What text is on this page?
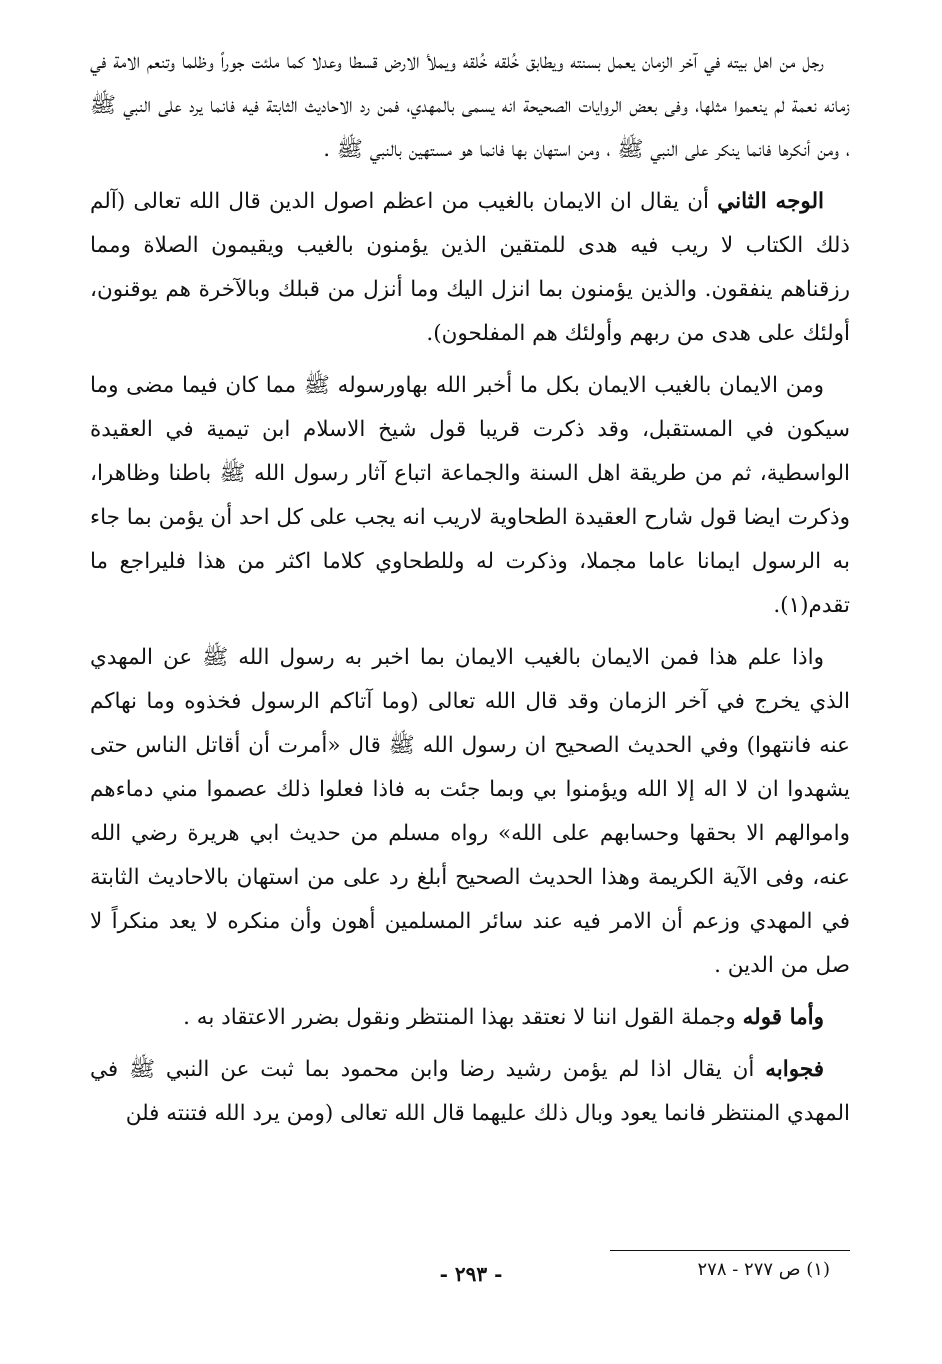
رجل من اهل بيته في آخر الزمان يعمل بسنته ويطابق خُلقه خُلقه ويملأ الارض قسطا وعدلا كما ملئت جوراً وظلما وتنعم الامة في زمانه نعمة لم ينعموا مثلها، وفى بعض الروايات الصحيحة انه يسمى بالمهدي، فمن رد الاحاديث الثابتة فيه فانما يرد على النبي ﷺ ، ومن أنكرها فانما ينكر على النبي ﷺ ، ومن استهان بها فانما هو مستهين بالنبي ﷺ .

الوجه الثاني أن يقال ان الايمان بالغيب من اعظم اصول الدين قال الله تعالى (آلم ذلك الكتاب لا ريب فيه هدى للمتقين الذين يؤمنون بالغيب ويقيمون الصلاة ومما رزقناهم ينفقون. والذين يؤمنون بما انزل اليك وما أنزل من قبلك وبالآخرة هم يوقنون، أولئك على هدى من ربهم وأولئك هم المفلحون).

ومن الايمان بالغيب الايمان بكل ما أخبر الله بهاورسوله ﷺ مما كان فيما مضى وما سيكون في المستقبل، وقد ذكرت قريبا قول شيخ الاسلام ابن تيمية في العقيدة الواسطية، ثم من طريقة اهل السنة والجماعة اتباع آثار رسول الله ﷺ باطنا وظاهرا، وذكرت ايضا قول شارح العقيدة الطحاوية لاريب انه يجب على كل احد أن يؤمن بما جاء به الرسول ايمانا عاما مجملا، وذكرت له وللطحاوي كلاما اكثر من هذا فليراجع ما تقدم(١).

واذا علم هذا فمن الايمان بالغيب الايمان بما اخبر به رسول الله ﷺ عن المهدي الذي يخرج في آخر الزمان وقد قال الله تعالى (وما آتاكم الرسول فخذوه وما نهاكم عنه فانتهوا) وفي الحديث الصحيح ان رسول الله ﷺ قال «أمرت أن أقاتل الناس حتى يشهدوا ان لا اله إلا الله ويؤمنوا بي وبما جئت به فاذا فعلوا ذلك عصموا مني دماءهم واموالهم الا بحقها وحسابهم على الله» رواه مسلم من حديث ابي هريرة رضي الله عنه، وفى الآية الكريمة وهذا الحديث الصحيح أبلغ رد على من استهان بالاحاديث الثابتة في المهدي وزعم أن الامر فيه عند سائر المسلمين أهون وأن منكره لا يعد منكراً لا صل من الدين .

وأما قوله وجملة القول اننا لا نعتقد بهذا المنتظر ونقول بضرر الاعتقاد به .

فجوابه أن يقال اذا لم يؤمن رشيد رضا وابن محمود بما ثبت عن النبي ﷺ في المهدي المنتظر فانما يعود وبال ذلك عليهما قال الله تعالى (ومن يرد الله فتنته فلن

(١) ص ٢٧٧ - ٢٧٨
- ٢٩٣ -
